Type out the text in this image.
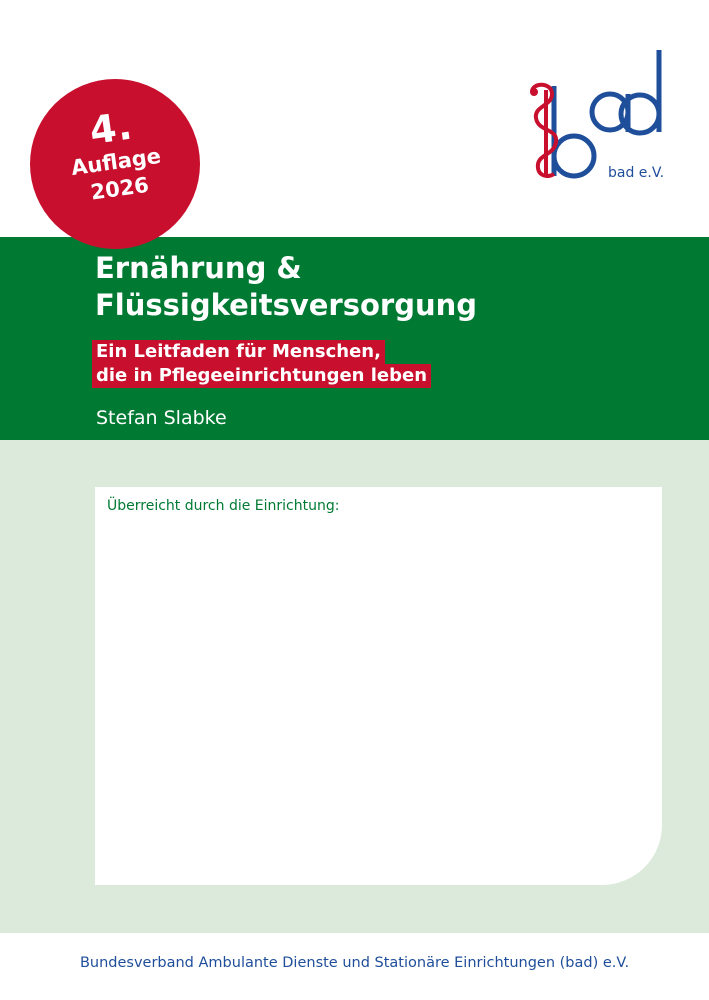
bad e.V.
4.
Auflage
2026
Ernährung &
Flüssigkeitsversorgung
Ein Leitfaden für Menschen,
die in Pflegeeinrichtungen leben
Stefan Slabke
Überreicht durch die Einrichtung:
Bundesverband Ambulante Dienste und Stationäre Einrichtungen (bad) e.V.
